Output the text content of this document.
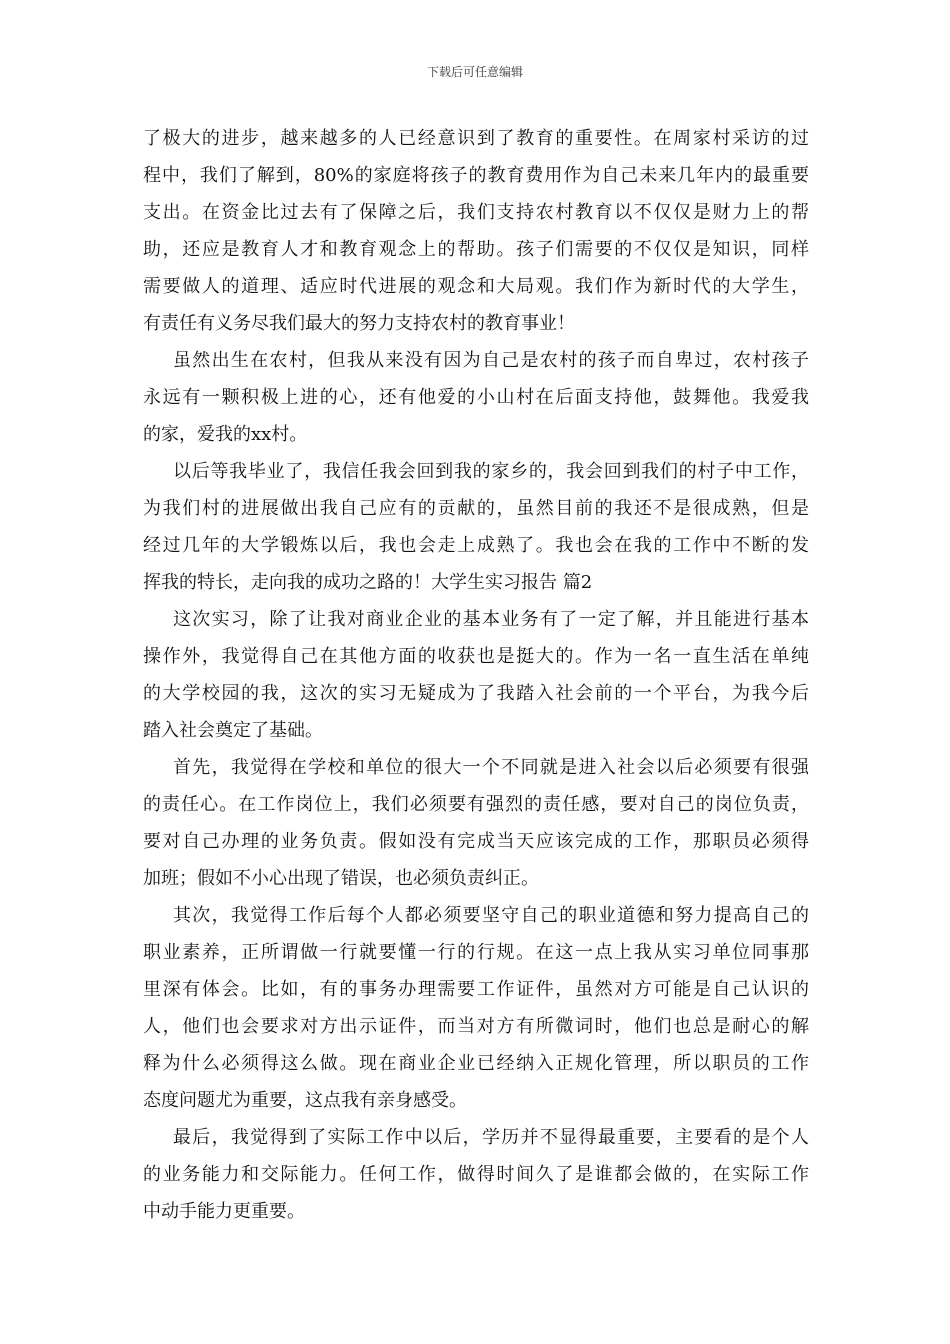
下载后可任意编辑
了极大的进步，越来越多的人已经意识到了教育的重要性。在周家村采访的过
程中，我们了解到，80%的家庭将孩子的教育费用作为自己未来几年内的最重要
支出。在资金比过去有了保障之后，我们支持农村教育以不仅仅是财力上的帮
助，还应是教育人才和教育观念上的帮助。孩子们需要的不仅仅是知识，同样
需要做人的道理、适应时代进展的观念和大局观。我们作为新时代的大学生，
有责任有义务尽我们最大的努力支持农村的教育事业！
虽然出生在农村，但我从来没有因为自己是农村的孩子而自卑过，农村孩子
永远有一颗积极上进的心，还有他爱的小山村在后面支持他，鼓舞他。我爱我
的家，爱我的xx村。
以后等我毕业了，我信任我会回到我的家乡的，我会回到我们的村子中工作，
为我们村的进展做出我自己应有的贡献的，虽然目前的我还不是很成熟，但是
经过几年的大学锻炼以后，我也会走上成熟了。我也会在我的工作中不断的发
挥我的特长，走向我的成功之路的！大学生实习报告 篇2
这次实习，除了让我对商业企业的基本业务有了一定了解，并且能进行基本
操作外，我觉得自己在其他方面的收获也是挺大的。作为一名一直生活在单纯
的大学校园的我，这次的实习无疑成为了我踏入社会前的一个平台，为我今后
踏入社会奠定了基础。
首先，我觉得在学校和单位的很大一个不同就是进入社会以后必须要有很强
的责任心。在工作岗位上，我们必须要有强烈的责任感，要对自己的岗位负责，
要对自己办理的业务负责。假如没有完成当天应该完成的工作，那职员必须得
加班；假如不小心出现了错误，也必须负责纠正。
其次，我觉得工作后每个人都必须要坚守自己的职业道德和努力提高自己的
职业素养，正所谓做一行就要懂一行的行规。在这一点上我从实习单位同事那
里深有体会。比如，有的事务办理需要工作证件，虽然对方可能是自己认识的
人，他们也会要求对方出示证件，而当对方有所微词时，他们也总是耐心的解
释为什么必须得这么做。现在商业企业已经纳入正规化管理，所以职员的工作
态度问题尤为重要，这点我有亲身感受。
最后，我觉得到了实际工作中以后，学历并不显得最重要，主要看的是个人
的业务能力和交际能力。任何工作，做得时间久了是谁都会做的，在实际工作
中动手能力更重要。
